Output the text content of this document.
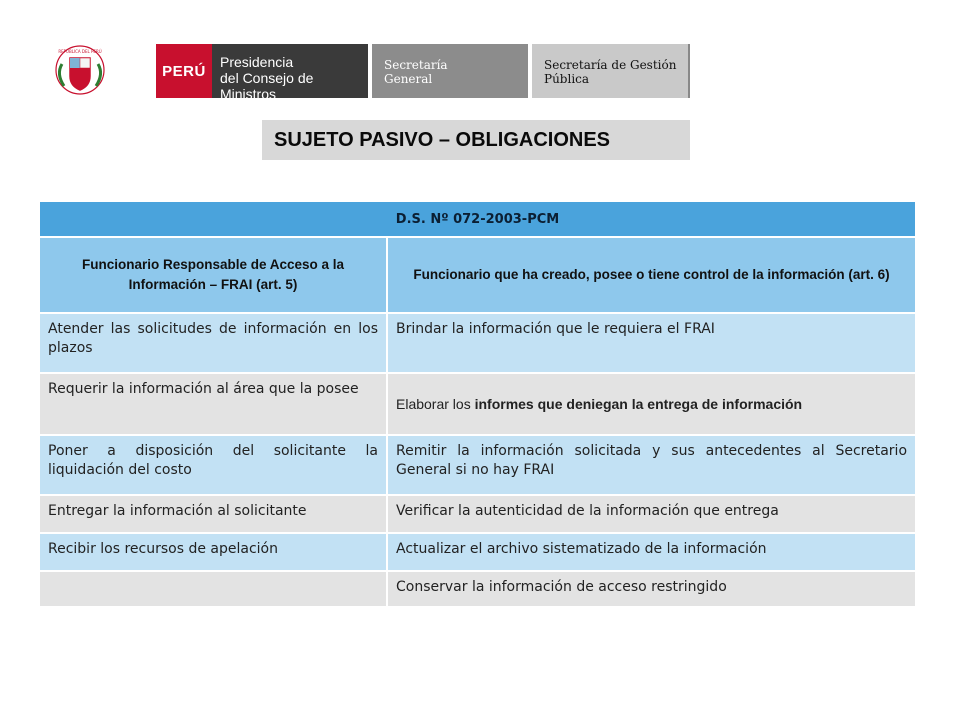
REPÚBLICA DEL PERÚ
PERÚ
Presidencia
del Consejo de Ministros
Secretaría
General
Secretaría de Gestión
Pública
SUJETO PASIVO – OBLIGACIONES
D.S. Nº 072-2003-PCM	
Funcionario Responsable de Acceso a la Información – FRAI (art. 5)	Funcionario que ha creado, posee o tiene control de la información (art. 6)
Atender las solicitudes de información en los plazos	Brindar la información que le requiera el FRAI
Requerir la información al área que la posee	Elaborar los informes que deniegan la entrega de información
Poner a disposición del solicitante la liquidación del costo	Remitir la información solicitada y sus antecedentes al Secretario General si no hay FRAI
Entregar la información al solicitante	Verificar la autenticidad de la información que entrega
Recibir los recursos de apelación	Actualizar el archivo sistematizado de la información
	Conservar la información de acceso restringido
